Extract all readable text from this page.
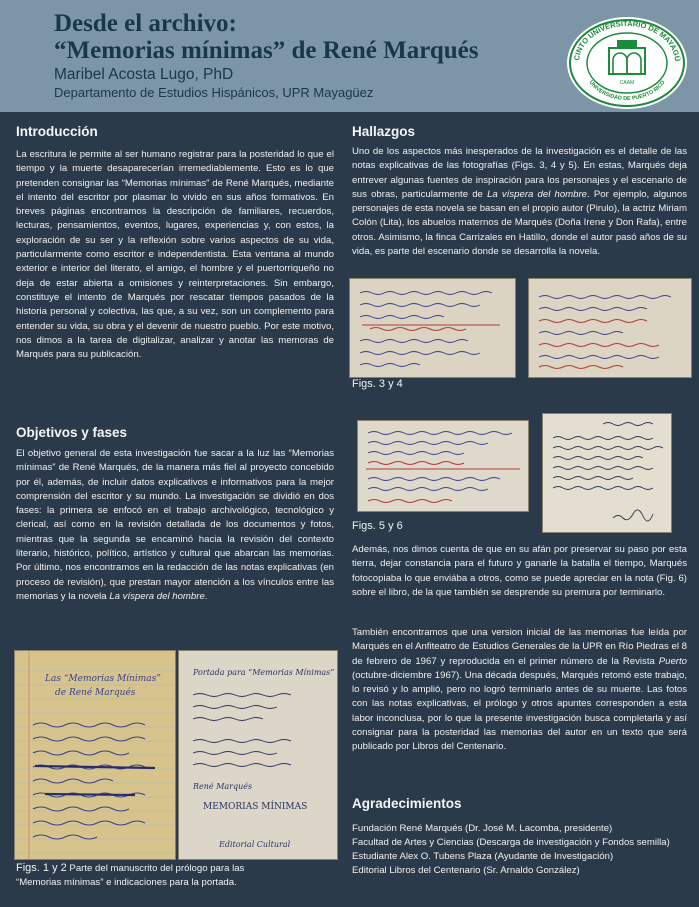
Desde el archivo:
“Memorias mínimas” de René Marqués
Maribel Acosta Lugo, PhD
Departamento de Estudios Hispánicos, UPR Mayagüez
CINTO UNIVERSITARIO DE MAYAGÜ
UNIVERSIDAD DE PUERTO RICO
CAAM
Introducción
La escritura le permite al ser humano registrar para la posteridad lo que el tiempo y la muerte desaparecerían irremediablemente. Esto es lo que pretenden consignar las “Memorias mínimas” de René Marqués, mediante el intento del escritor por plasmar lo vivido en sus años formativos. En breves páginas encontramos la descripción de familiares, recuerdos, lecturas, pensamientos, eventos, lugares, experiencias y, con estos, la exploración de su ser y la reflexión sobre varios aspectos de su vida, particularmente como escritor e independentista. Esta ventana al mundo exterior e interior del literato, el amigo, el hombre y el puertorriqueño no deja de estar abierta a omisiones y reinterpretaciones. Sin embargo, constituye el intento de Marqués por rescatar tiempos pasados de la historia personal y colectiva, las que, a su vez, son un complemento para entender su vida, su obra y el devenir de nuestro pueblo. Por este motivo, nos dimos a la tarea de digitalizar, analizar y anotar las memoras de Marqués para su publicación.
Objetivos y fases
El objetivo general de esta investigación fue sacar a la luz las “Memorias mínimas” de René Marqués, de la manera más fiel al proyecto concebido por él, además, de incluir datos explicativos e informativos para la mejor comprensión del escritor y su mundo. La investigación se dividió en dos fases: la primera se enfocó en el trabajo archivológico, tecnológico y clerical, así como en la revisión detallada de los documentos y fotos, mientras que la segunda se encaminó hacia la revisión del contexto literario, histórico, político, artístico y cultural que abarcan las memorias. Por último, nos encontramos en la redacción de las notas explicativas (en proceso de revisión), que prestan mayor atención a los vínculos entre las memorias y la novela La víspera del hombre.
Las “Memorias Mínimas”
de René Marqués
Portada para “Memorias Mínimas”
René Marqués
MEMORIAS MÍNIMAS
Editorial Cultural
Figs. 1 y 2 Parte del manuscrito del prólogo para las
“Memorias mínimas” e indicaciones para la portada.
Hallazgos
Uno de los aspectos más inesperados de la investigación es el detalle de las notas explicativas de las fotografías (Figs. 3, 4 y 5). En estas, Marqués deja entrever algunas fuentes de inspiración para los personajes y el escenario de sus obras, particularmente de La víspera del hombre. Por ejemplo, algunos personajes de esta novela se basan en el propio autor (Pirulo), la actriz Miriam Colón (Lita), los abuelos maternos de Marqués (Doña Irene y Don Rafa), entre otros. Asimismo, la finca Carrizales en Hatillo, donde el autor pasó años de su vida, es parte del escenario donde se desarrolla la novela.
Figs. 3 y 4
Figs. 5 y 6
Además, nos dimos cuenta de que en su afán por preservar su paso por esta tierra, dejar constancia para el futuro y ganarle la batalla el tiempo, Marqués fotocopiaba lo que enviába a otros, como se puede apreciar en la nota (Fig. 6) sobre el libro, de la que también se desprende su premura por terminarlo.
También encontramos que una version inicial de las memorias fue leída por Marqués en el Anfiteatro de Estudios Generales de la UPR en Río Piedras el 8 de febrero de 1967 y reproducida en el primer número de la Revista Puerto (octubre-diciembre 1967). Una década después, Marqués retomó este trabajo, lo revisó y lo amplió, pero no logró terminarlo antes de su muerte. Las fotos con las notas explicativas, el prólogo y otros apuntes corresponden a esta labor inconclusa, por lo que la presente investigación busca completarla y así consignar para la posteridad las memorias del autor en un texto que será publicado por Libros del Centenario.
Agradecimientos
Fundación René Marqués (Dr. José M. Lacomba, presidente)
Facultad de Artes y Ciencias (Descarga de investigación y Fondos semilla)
Estudiante Alex O. Tubens Plaza (Ayudante de Investigación)
Editorial Libros del Centenario (Sr. Arnaldo González)
